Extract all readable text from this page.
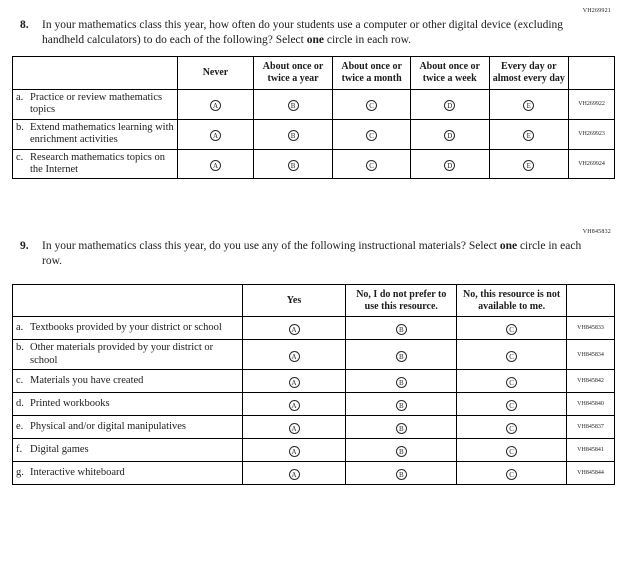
VH269921
8.	In your mathematics class this year, how often do your students use a computer or other digital device (excluding handheld calculators) to do each of the following? Select one circle in each row.
	Never	About once or twice a year	About once or twice a month	About once or twice a week	Every day or almost every day	

a. Practice or review mathematics topics	A	B	C	D	E	VH269922

b. Extend mathematics learning with enrichment activities	A	B	C	D	E	VH269923

c. Research mathematics topics on the Internet	A	B	C	D	E	VH269924
VH845832
9.	In your mathematics class this year, do you use any of the following instructional materials? Select one circle in each row.
	Yes	No, I do not prefer to use this resource.	No, this resource is not available to me.	

a. Textbooks provided by your district or school	A	B	C	VH845833

b. Other materials provided by your district or school	A	B	C	VH845834

c. Materials you have created	A	B	C	VH845842

d. Printed workbooks	A	B	C	VH845840

e. Physical and/or digital manipulatives	A	B	C	VH845837

f. Digital games	A	B	C	VH845841

g. Interactive whiteboard	A	B	C	VH845844
